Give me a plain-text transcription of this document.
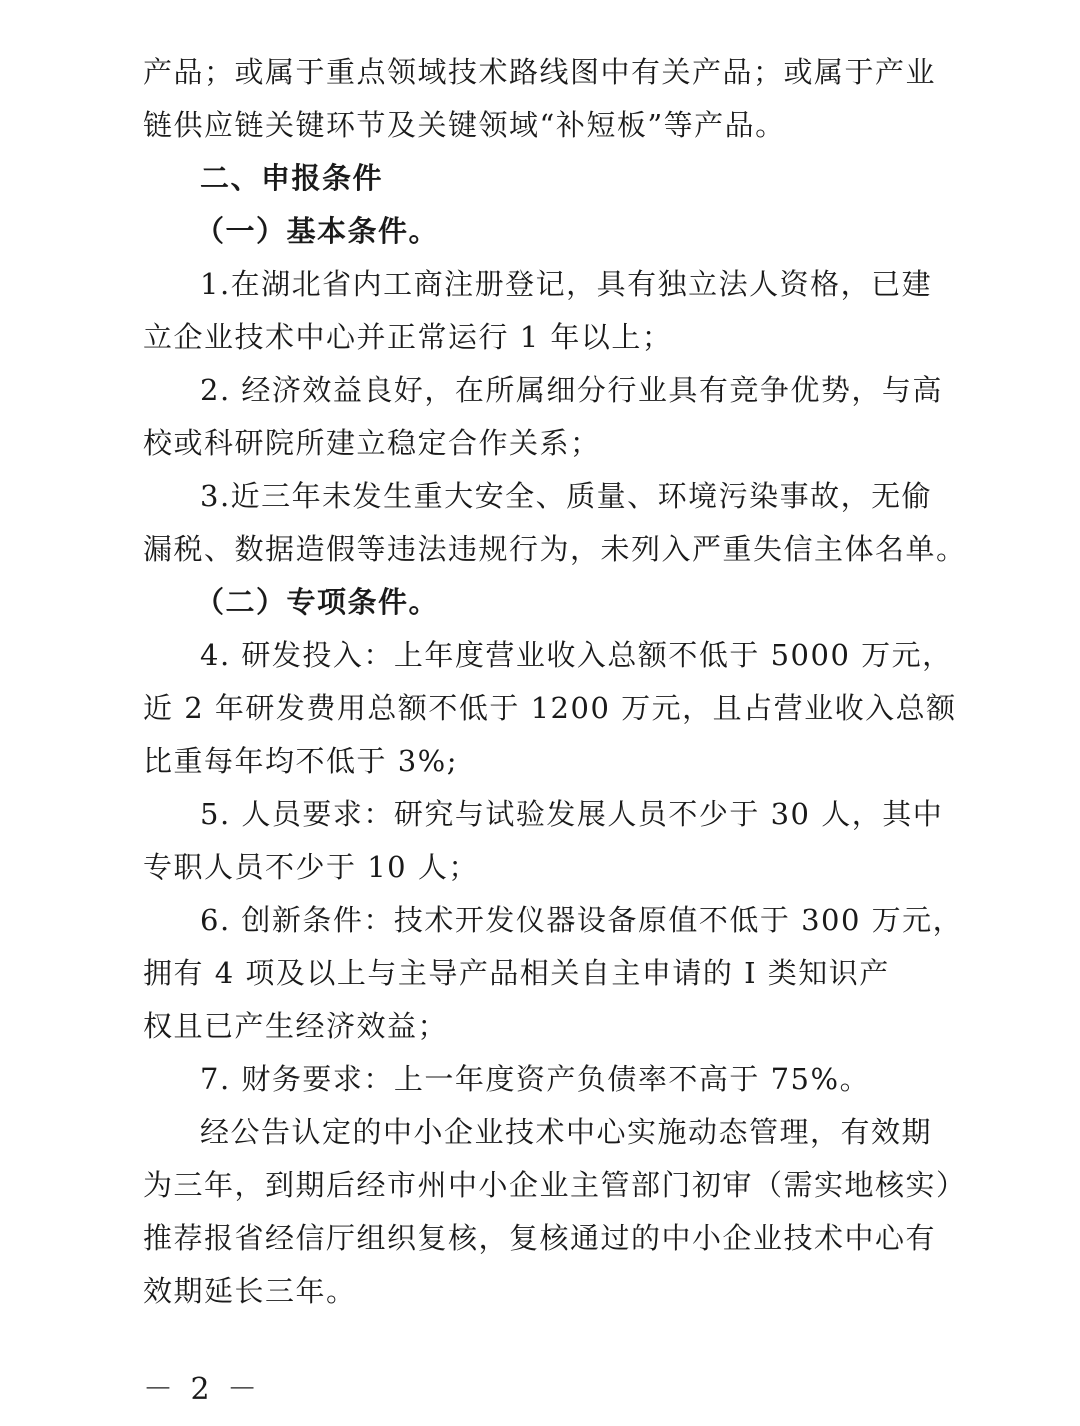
产品；或属于重点领域技术路线图中有关产品；或属于产业
链供应链关键环节及关键领域“补短板”等产品。
二、申报条件
（一）基本条件。
1.在湖北省内工商注册登记，具有独立法人资格，已建
立企业技术中心并正常运行 1 年以上；
2. 经济效益良好，在所属细分行业具有竞争优势，与高
校或科研院所建立稳定合作关系；
3.近三年未发生重大安全、质量、环境污染事故，无偷
漏税、数据造假等违法违规行为，未列入严重失信主体名单。
（二）专项条件。
4. 研发投入：上年度营业收入总额不低于 5000 万元，
近 2 年研发费用总额不低于 1200 万元，且占营业收入总额
比重每年均不低于 3%;
5. 人员要求：研究与试验发展人员不少于 30 人，其中
专职人员不少于 10 人；
6. 创新条件：技术开发仪器设备原值不低于 300 万元，
拥有 4 项及以上与主导产品相关自主申请的 Ⅰ 类知识产
权且已产生经济效益；
7. 财务要求：上一年度资产负债率不高于 75%。
经公告认定的中小企业技术中心实施动态管理，有效期
为三年，到期后经市州中小企业主管部门初审（需实地核实）
推荐报省经信厅组织复核，复核通过的中小企业技术中心有
效期延长三年。
－ 2 －
